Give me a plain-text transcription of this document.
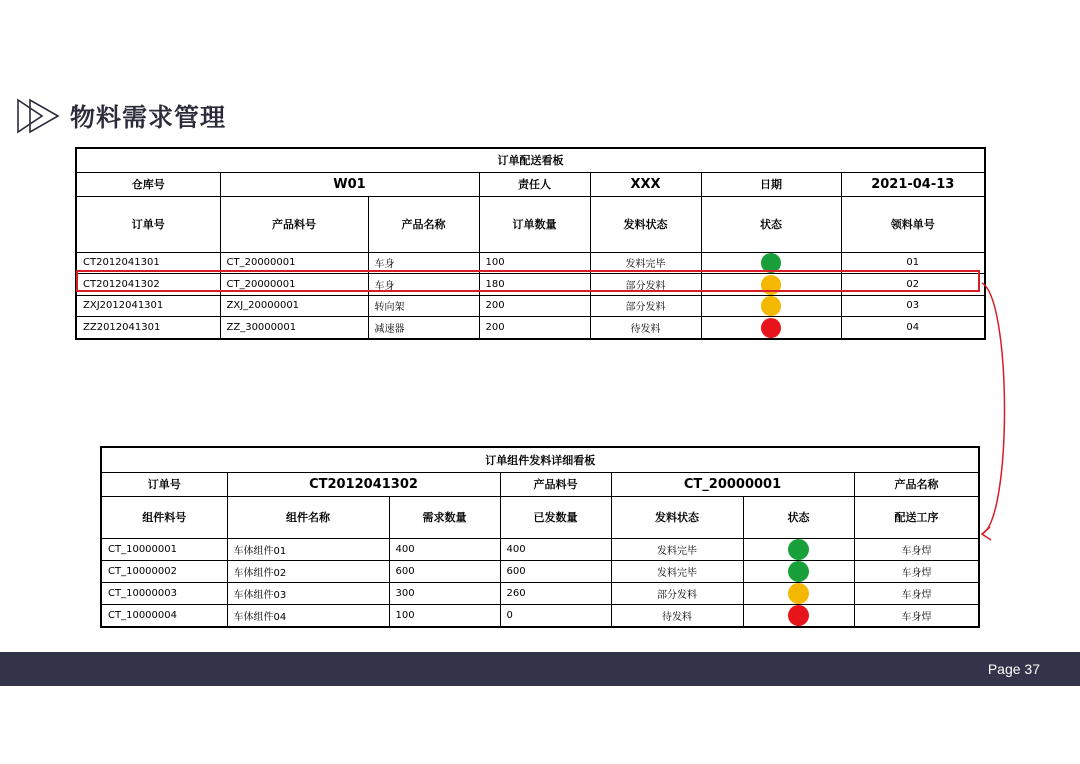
物料需求管理
订单配送看板						
仓库号	W01		责任人	XXX	日期	2021-04-13
订单号	产品料号	产品名称	订单数量	发料状态	状态	领料单号
CT2012041301	CT_20000001	车身	100	发料完毕		01
CT2012041302	CT_20000001	车身	180	部分发料		02
ZXJ2012041301	ZXJ_20000001	转向架	200	部分发料		03
ZZ2012041301	ZZ_30000001	减速器	200	待发料		04
订单组件发料详细看板							
订单号	CT2012041302		产品料号	CT_20000001		产品名称	
组件料号	组件名称	需求数量	已发数量	发料状态	状态	配送工序	
CT_10000001	车体组件01	400	400	发料完毕		车身焊	
CT_10000002	车体组件02	600	600	发料完毕		车身焊	
CT_10000003	车体组件03	300	260	部分发料		车身焊	
CT_10000004	车体组件04	100	0	待发料		车身焊	
Page 37
